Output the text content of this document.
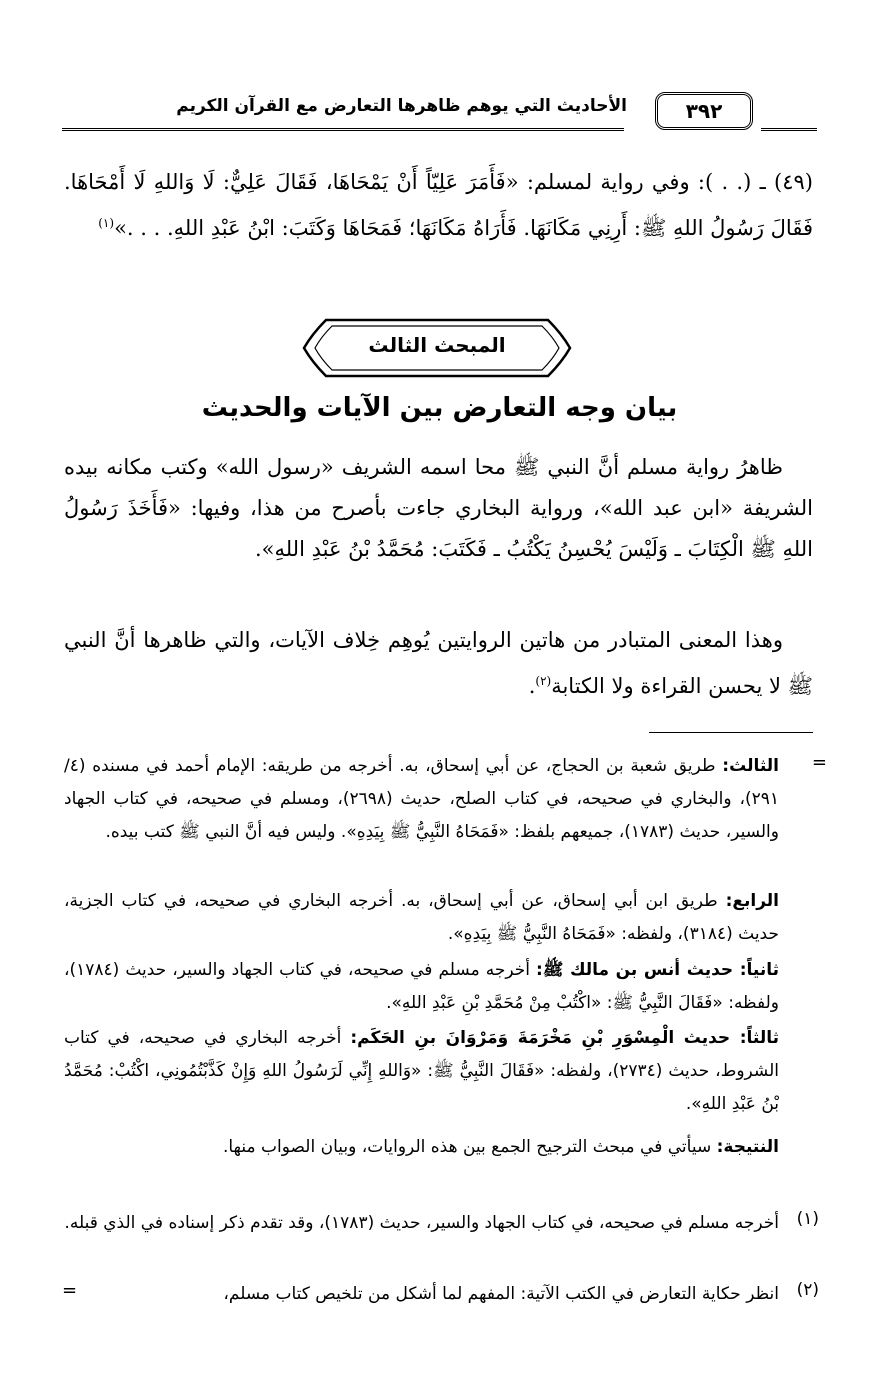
٣٩٢
الأحاديث التي يوهم ظاهرها التعارض مع القرآن الكريم
(٤٩) ـ (. . ): وفي رواية لمسلم: «فَأَمَرَ عَلِيّاً أَنْ يَمْحَاهَا، فَقَالَ عَلِيٌّ: لَا وَاللهِ لَا أَمْحَاهَا. فَقَالَ رَسُولُ اللهِ ﷺ: أَرِنِي مَكَانَهَا. فَأَرَاهُ مَكَانَهَا؛ فَمَحَاهَا وَكَتَبَ: ابْنُ عَبْدِ اللهِ. . . .»$^{(١)}$
المبحث الثالث
بيان وجه التعارض بين الآيات والحديث
ظاهرُ رواية مسلم أنَّ النبي ﷺ محا اسمه الشريف «رسول الله» وكتب مكانه بيده الشريفة «ابن عبد الله»، ورواية البخاري جاءت بأصرح من هذا، وفيها: «فَأَخَذَ رَسُولُ اللهِ ﷺ الْكِتَابَ ـ وَلَيْسَ يُحْسِنُ يَكْتُبُ ـ فَكَتَبَ: مُحَمَّدُ بْنُ عَبْدِ اللهِ».
وهذا المعنى المتبادر من هاتين الروايتين يُوهِم خِلاف الآيات، والتي ظاهرها أنَّ النبي ﷺ لا يحسن القراءة ولا الكتابة$^{(٢)}$.
=
الثالث: طريق شعبة بن الحجاج، عن أبي إسحاق، به. أخرجه من طريقه: الإمام أحمد في مسنده (٤/ ٢٩١)، والبخاري في صحيحه، في كتاب الصلح، حديث (٢٦٩٨)، ومسلم في صحيحه، في كتاب الجهاد والسير، حديث (١٧٨٣)، جميعهم بلفظ: «فَمَحَاهُ النَّبِيُّ ﷺ بِيَدِهِ». وليس فيه أنَّ النبي ﷺ كتب بيده.
الرابع: طريق ابن أبي إسحاق، عن أبي إسحاق، به. أخرجه البخاري في صحيحه، في كتاب الجزية، حديث (٣١٨٤)، ولفظه: «فَمَحَاهُ النَّبِيُّ ﷺ بِيَدِهِ».
ثانياً: حديث أنس بن مالك ﷺ: أخرجه مسلم في صحيحه، في كتاب الجهاد والسير، حديث (١٧٨٤)، ولفظه: «فَقَالَ النَّبِيُّ ﷺ: «اكْتُبْ مِنْ مُحَمَّدِ بْنِ عَبْدِ اللهِ».
ثالثاً: حديث الْمِسْوَرِ بْنِ مَخْرَمَةَ وَمَرْوَانَ بنِ الحَكَم: أخرجه البخاري في صحيحه، في كتاب الشروط، حديث (٢٧٣٤)، ولفظه: «فَقَالَ النَّبِيُّ ﷺ: «وَاللهِ إِنِّي لَرَسُولُ اللهِ وَإِنْ كَذَّبْتُمُونِي، اكْتُبْ: مُحَمَّدُ بْنُ عَبْدِ اللهِ».
النتيجة: سيأتي في مبحث الترجيح الجمع بين هذه الروايات، وبيان الصواب منها.
(١)
أخرجه مسلم في صحيحه، في كتاب الجهاد والسير، حديث (١٧٨٣)، وقد تقدم ذكر إسناده في الذي قبله.
(٢)
انظر حكاية التعارض في الكتب الآتية: المفهم لما أشكل من تلخيص كتاب مسلم،
=
